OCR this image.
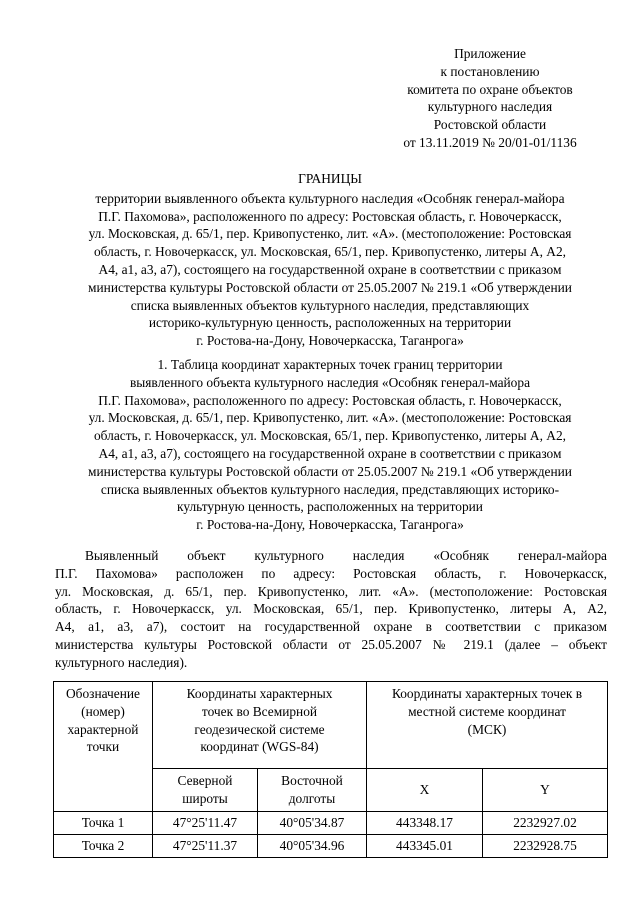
Приложение
к постановлению
комитета по охране объектов
культурного наследия
Ростовской области
от 13.11.2019 № 20/01-01/1136
ГРАНИЦЫ
территории выявленного объекта культурного наследия «Особняк генерал-майора
П.Г. Пахомова», расположенного по адресу: Ростовская область, г. Новочеркасск,
ул. Московская, д. 65/1, пер. Кривопустенко, лит. «А». (местоположение: Ростовская
область, г. Новочеркасск, ул. Московская, 65/1, пер. Кривопустенко, литеры А, А2,
А4, а1, а3, а7), состоящего на государственной охране в соответствии с приказом
министерства культуры Ростовской области от 25.05.2007 № 219.1 «Об утверждении
списка выявленных объектов культурного наследия, представляющих
историко-культурную ценность, расположенных на территории
г. Ростова-на-Дону, Новочеркасска, Таганрога»
1. Таблица координат характерных точек границ территории
выявленного объекта культурного наследия «Особняк генерал-майора
П.Г. Пахомова», расположенного по адресу: Ростовская область, г. Новочеркасск,
ул. Московская, д. 65/1, пер. Кривопустенко, лит. «А». (местоположение: Ростовская
область, г. Новочеркасск, ул. Московская, 65/1, пер. Кривопустенко, литеры А, А2,
А4, а1, а3, а7), состоящего на государственной охране в соответствии с приказом
министерства культуры Ростовской области от 25.05.2007 № 219.1 «Об утверждении
списка выявленных объектов культурного наследия, представляющих историко-
культурную ценность, расположенных на территории
г. Ростова-на-Дону, Новочеркасска, Таганрога»
Выявленный объект культурного наследия «Особняк генерал-майора
П.Г. Пахомова» расположен по адресу: Ростовская область, г. Новочеркасск,
ул. Московская, д. 65/1, пер. Кривопустенко, лит. «А». (местоположение: Ростовская
область, г. Новочеркасск, ул. Московская, 65/1, пер. Кривопустенко, литеры А, А2,
А4, а1, а3, а7), состоит на государственной охране в соответствии с приказом
министерства культуры Ростовской области от 25.05.2007 № 219.1 (далее – объект
культурного наследия).
Обозначение
(номер)
характерной
точки	Координаты характерных
точек во Всемирной
геодезической системе
координат (WGS-84)		Координаты характерных точек в
местной системе координат
(МСК)	

	Северной
широты	Восточной
долготы	X	Y
Точка 1	47°25'11.47	40°05'34.87	443348.17	2232927.02
Точка 2	47°25'11.37	40°05'34.96	443345.01	2232928.75
